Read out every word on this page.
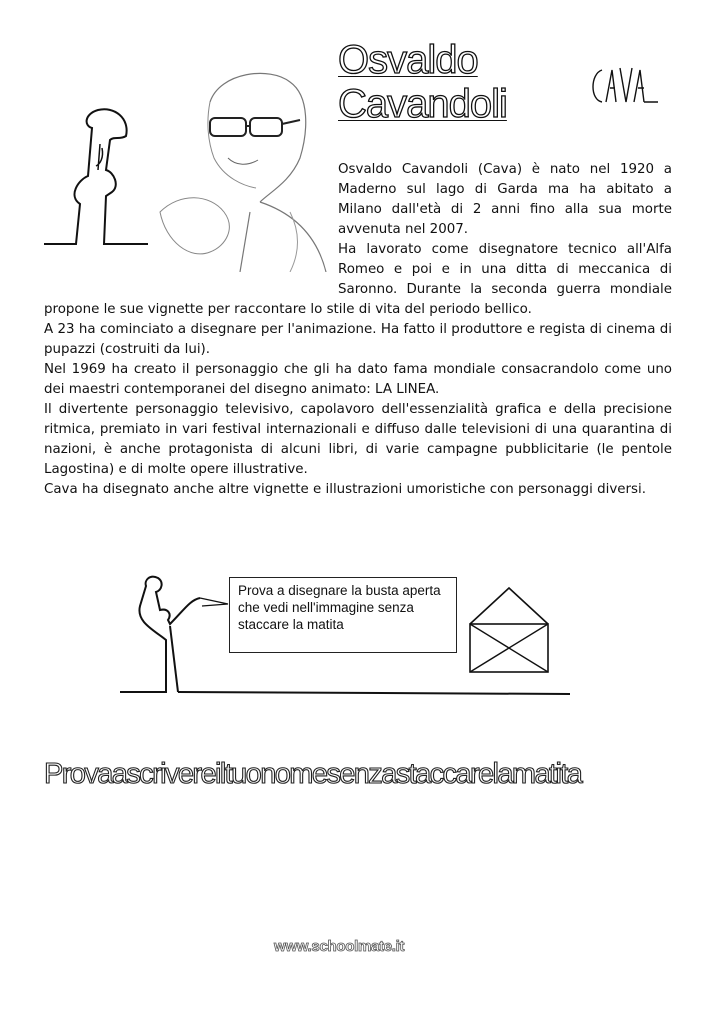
Osvaldo
Cavandoli

Osvaldo Cavandoli (Cava) è nato nel 1920 a Maderno sul lago di Garda ma ha abitato a Milano dall'età di 2 anni fino alla sua morte avvenuta nel 2007.

Ha lavorato come disegnatore tecnico all'Alfa Romeo e poi e in una ditta di meccanica di Saronno. Durante la seconda guerra mondiale propone le sue vignette per raccontare lo stile di vita del periodo bellico.

A 23 ha cominciato a disegnare per l'animazione. Ha fatto il produttore e regista di cinema di pupazzi (costruiti da lui).

Nel 1969 ha creato il personaggio che gli ha dato fama mondiale consacrandolo come uno dei maestri contemporanei del disegno animato: LA LINEA.

Il divertente personaggio televisivo, capolavoro dell'essenzialità grafica e della precisione ritmica, premiato in vari festival internazionali e diffuso dalle televisioni di una quarantina di nazioni, è anche protagonista di alcuni libri, di varie campagne pubblicitarie (le pentole Lagostina) e di molte opere illustrative.

Cava ha disegnato anche altre vignette e illustrazioni umoristiche con personaggi diversi.

Prova a disegnare la busta aperta che vedi nell'immagine senza staccare la matita
Provaascrivereiltuonomesenzastaccarelamatita
www.schoolmate.it
